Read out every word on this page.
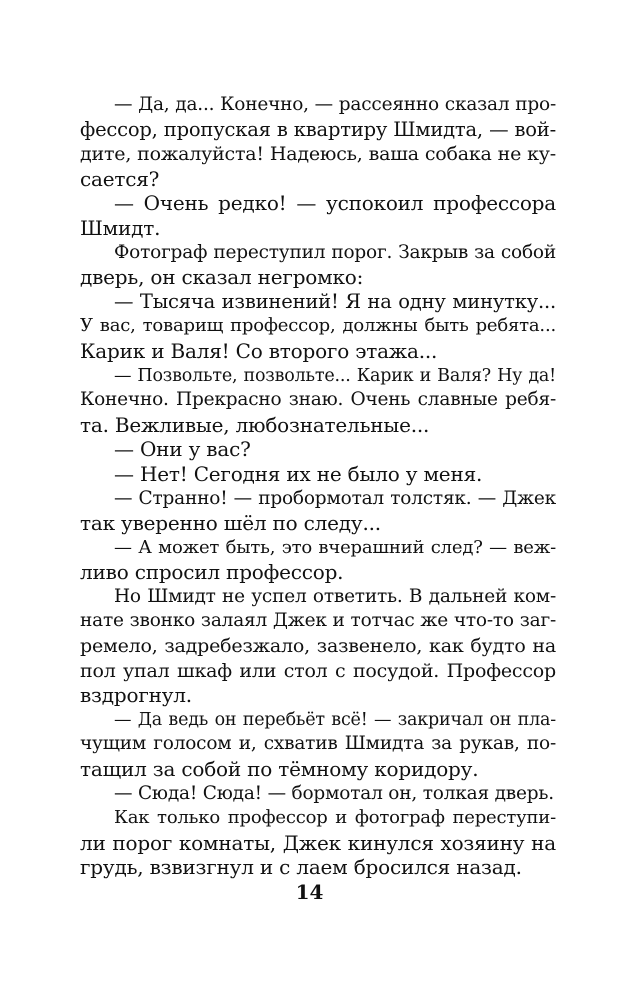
— Да, да... Конечно, — рассеянно сказал про-
фессор, пропуская в квартиру Шмидта, — вой-
дите, пожалуйста! Надеюсь, ваша собака не ку-
сается?
— Очень редко! — успокоил профессора
Шмидт.
Фотограф переступил порог. Закрыв за собой
дверь, он сказал негромко:
— Тысяча извинений! Я на одну минутку...
У вас, товарищ профессор, должны быть ребята...
Карик и Валя! Со второго этажа...
— Позвольте, позвольте... Карик и Валя? Ну да!
Конечно. Прекрасно знаю. Очень славные ребя-
та. Вежливые, любознательные...
— Они у вас?
— Нет! Сегодня их не было у меня.
— Странно! — пробормотал толстяк. — Джек
так уверенно шёл по следу...
— А может быть, это вчерашний след? — веж-
ливо спросил профессор.
Но Шмидт не успел ответить. В дальней ком-
нате звонко залаял Джек и тотчас же что-то заг-
ремело, задребезжало, зазвенело, как будто на
пол упал шкаф или стол с посудой. Профессор
вздрогнул.
— Да ведь он перебьёт всё! — закричал он пла-
чущим голосом и, схватив Шмидта за рукав, по-
тащил за собой по тёмному коридору.
— Сюда! Сюда! — бормотал он, толкая дверь.
Как только профессор и фотограф переступи-
ли порог комнаты, Джек кинулся хозяину на
грудь, взвизгнул и с лаем бросился назад.
14
